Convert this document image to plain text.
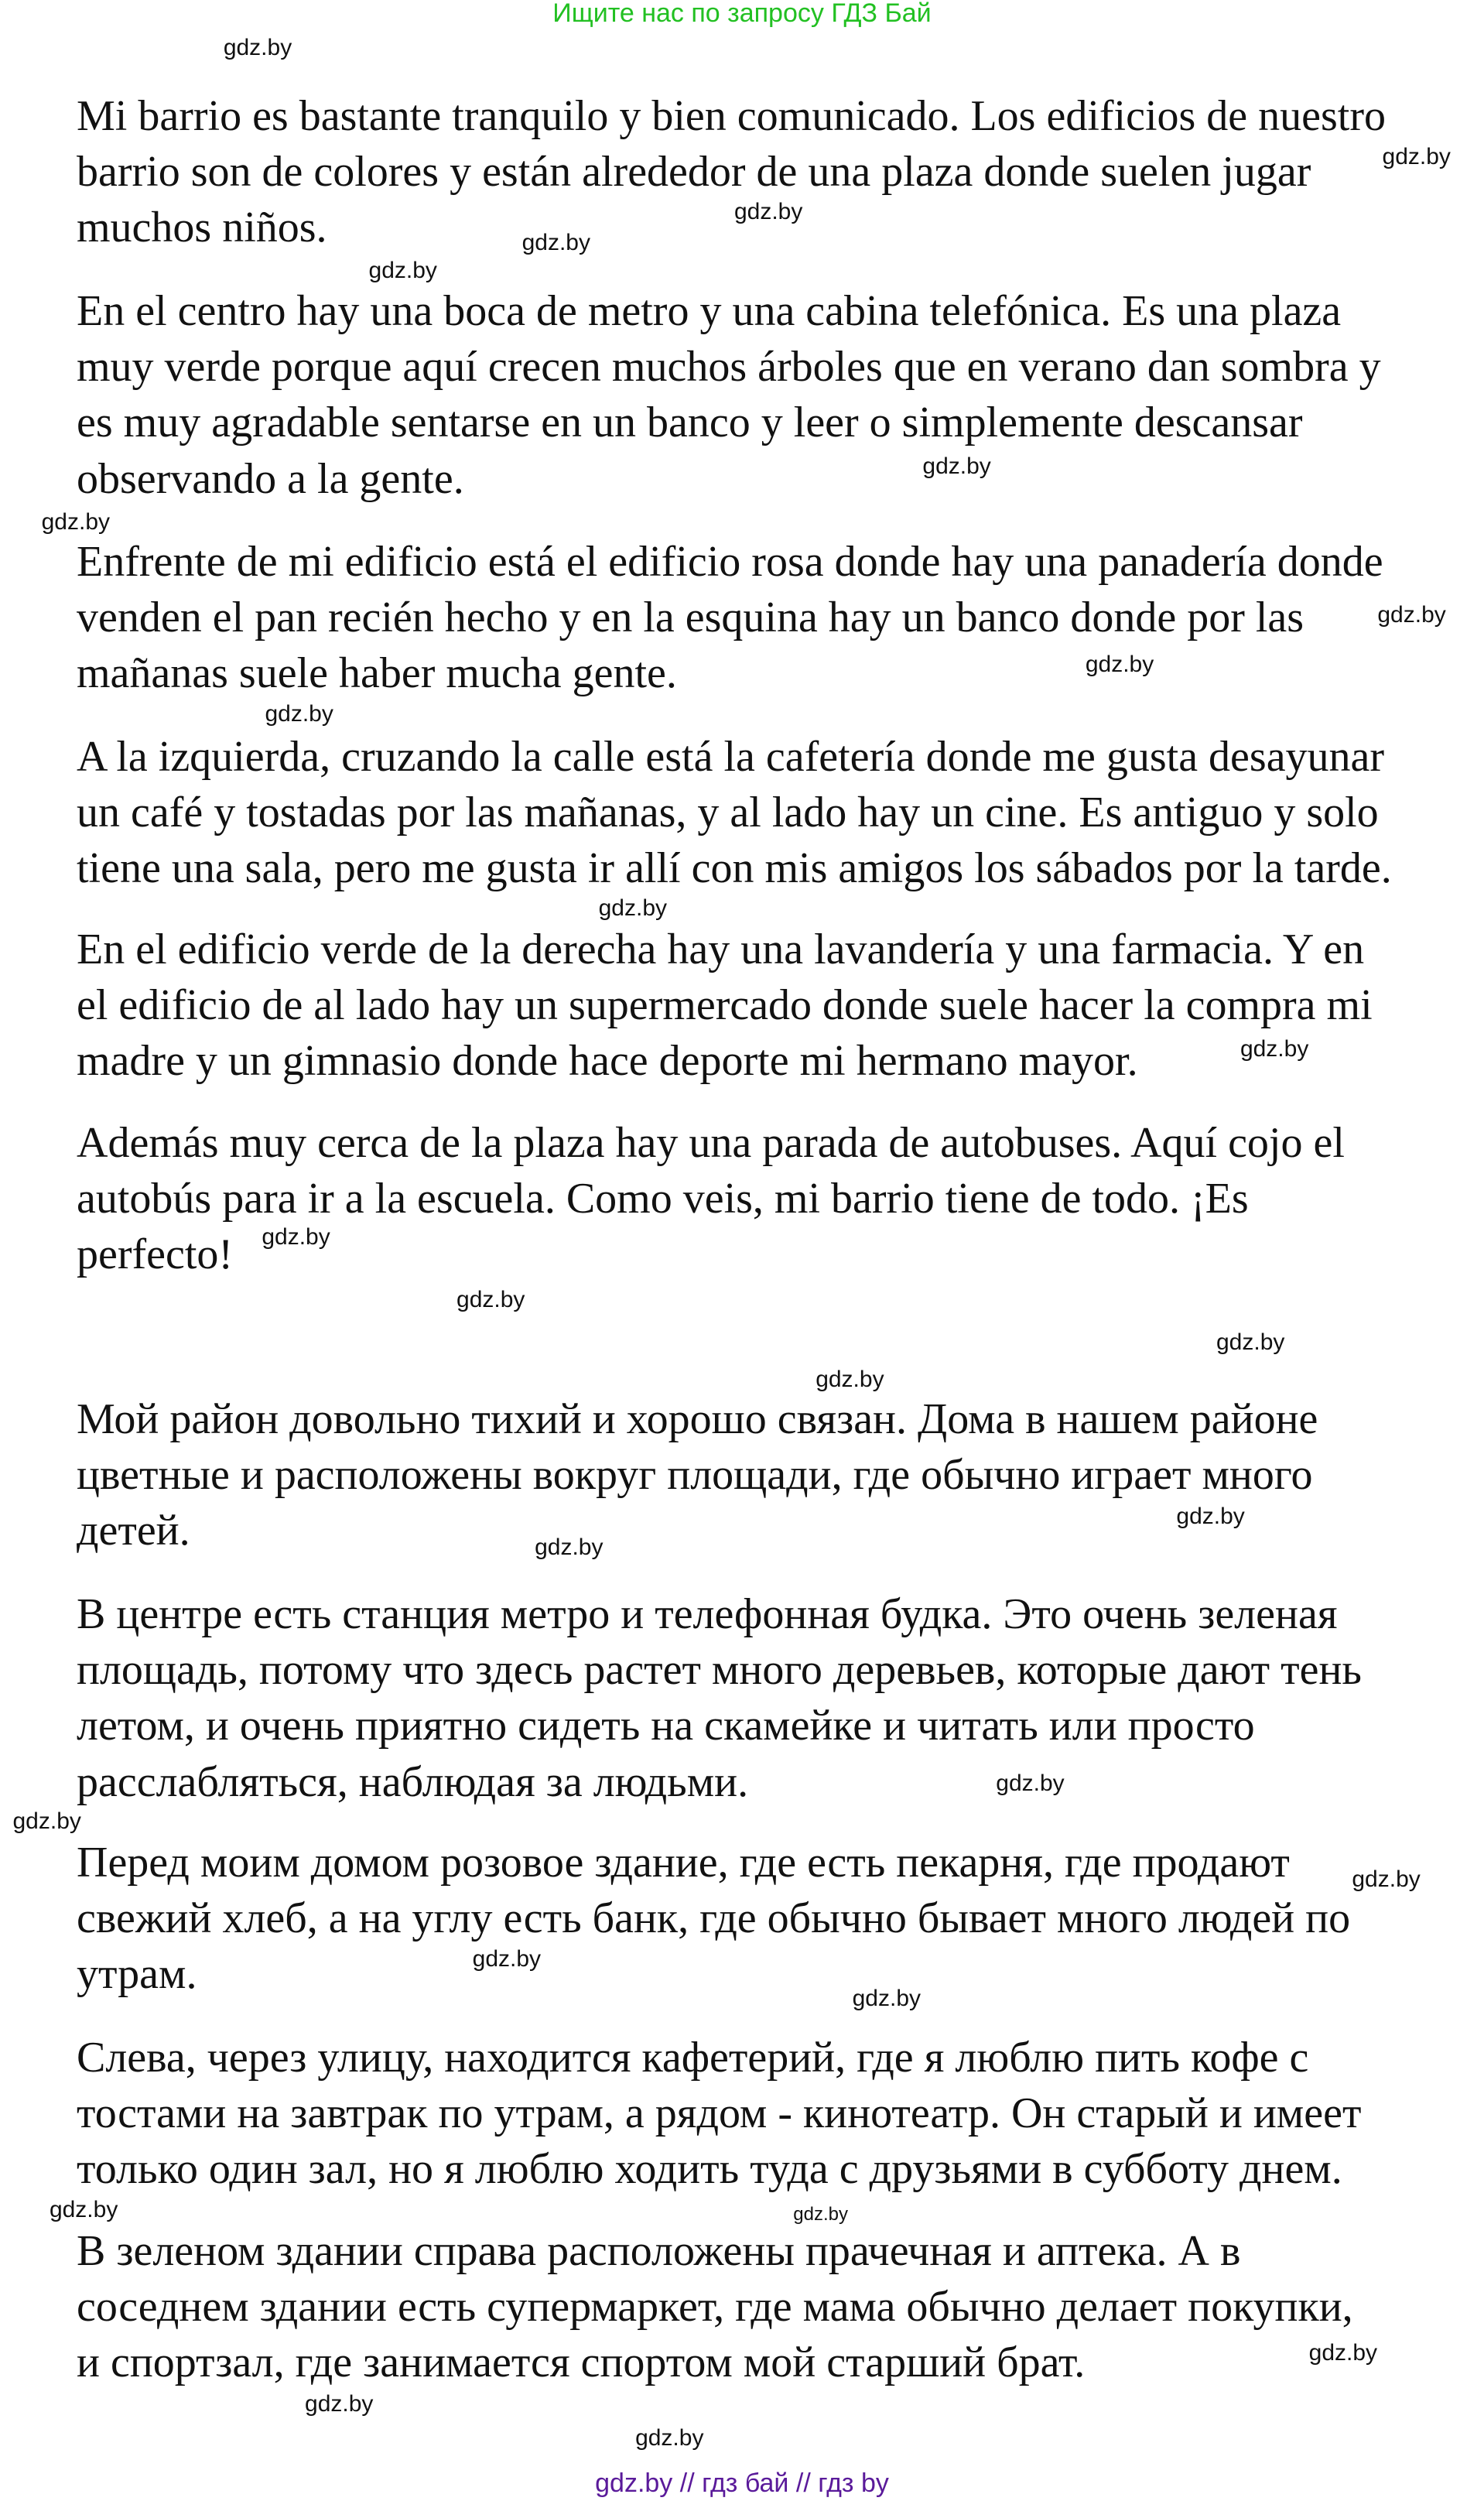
Ищите нас по запросу ГДЗ Бай
Mi barrio es bastante tranquilo y bien comunicado. Los edificios de nuestro
barrio son de colores y están alrededor de una plaza donde suelen jugar
muchos niños.
En el centro hay una boca de metro y una cabina telefónica. Es una plaza
muy verde porque aquí crecen muchos árboles que en verano dan sombra y
es muy agradable sentarse en un banco y leer o simplemente descansar
observando a la gente.
Enfrente de mi edificio está el edificio rosa donde hay una panadería donde
venden el pan recién hecho y en la esquina hay un banco donde por las
mañanas suele haber mucha gente.
A la izquierda, cruzando la calle está la cafetería donde me gusta desayunar
un café y tostadas por las mañanas, y al lado hay un cine. Es antiguo y solo
tiene una sala, pero me gusta ir allí con mis amigos los sábados por la tarde.
En el edificio verde de la derecha hay una lavandería y una farmacia. Y en
el edificio de al lado hay un supermercado donde suele hacer la compra mi
madre y un gimnasio donde hace deporte mi hermano mayor.
Además muy cerca de la plaza hay una parada de autobuses. Aquí cojo el
autobús para ir a la escuela. Como veis, mi barrio tiene de todo. ¡Es
perfecto!
Мой район довольно тихий и хорошо связан. Дома в нашем районе
цветные и расположены вокруг площади, где обычно играет много
детей.
В центре есть станция метро и телефонная будка. Это очень зеленая
площадь, потому что здесь растет много деревьев, которые дают тень
летом, и очень приятно сидеть на скамейке и читать или просто
расслабляться, наблюдая за людьми.
Перед моим домом розовое здание, где есть пекарня, где продают
свежий хлеб, а на углу есть банк, где обычно бывает много людей по
утрам.
Слева, через улицу, находится кафетерий, где я люблю пить кофе с
тостами на завтрак по утрам, а рядом - кинотеатр. Он старый и имеет
только один зал, но я люблю ходить туда с друзьями в субботу днем.
В зеленом здании справа расположены прачечная и аптека. А в
соседнем здании есть супермаркет, где мама обычно делает покупки,
и спортзал, где занимается спортом мой старший брат.
gdz.by
gdz.by
gdz.by
gdz.by
gdz.by
gdz.by
gdz.by
gdz.by
gdz.by
gdz.by
gdz.by
gdz.by
gdz.by
gdz.by
gdz.by
gdz.by
gdz.by
gdz.by
gdz.by
gdz.by
gdz.by
gdz.by
gdz.by
gdz.by	gdz.by
gdz.by
gdz.by
gdz.by
gdz.by // гдз бай // гдз by
